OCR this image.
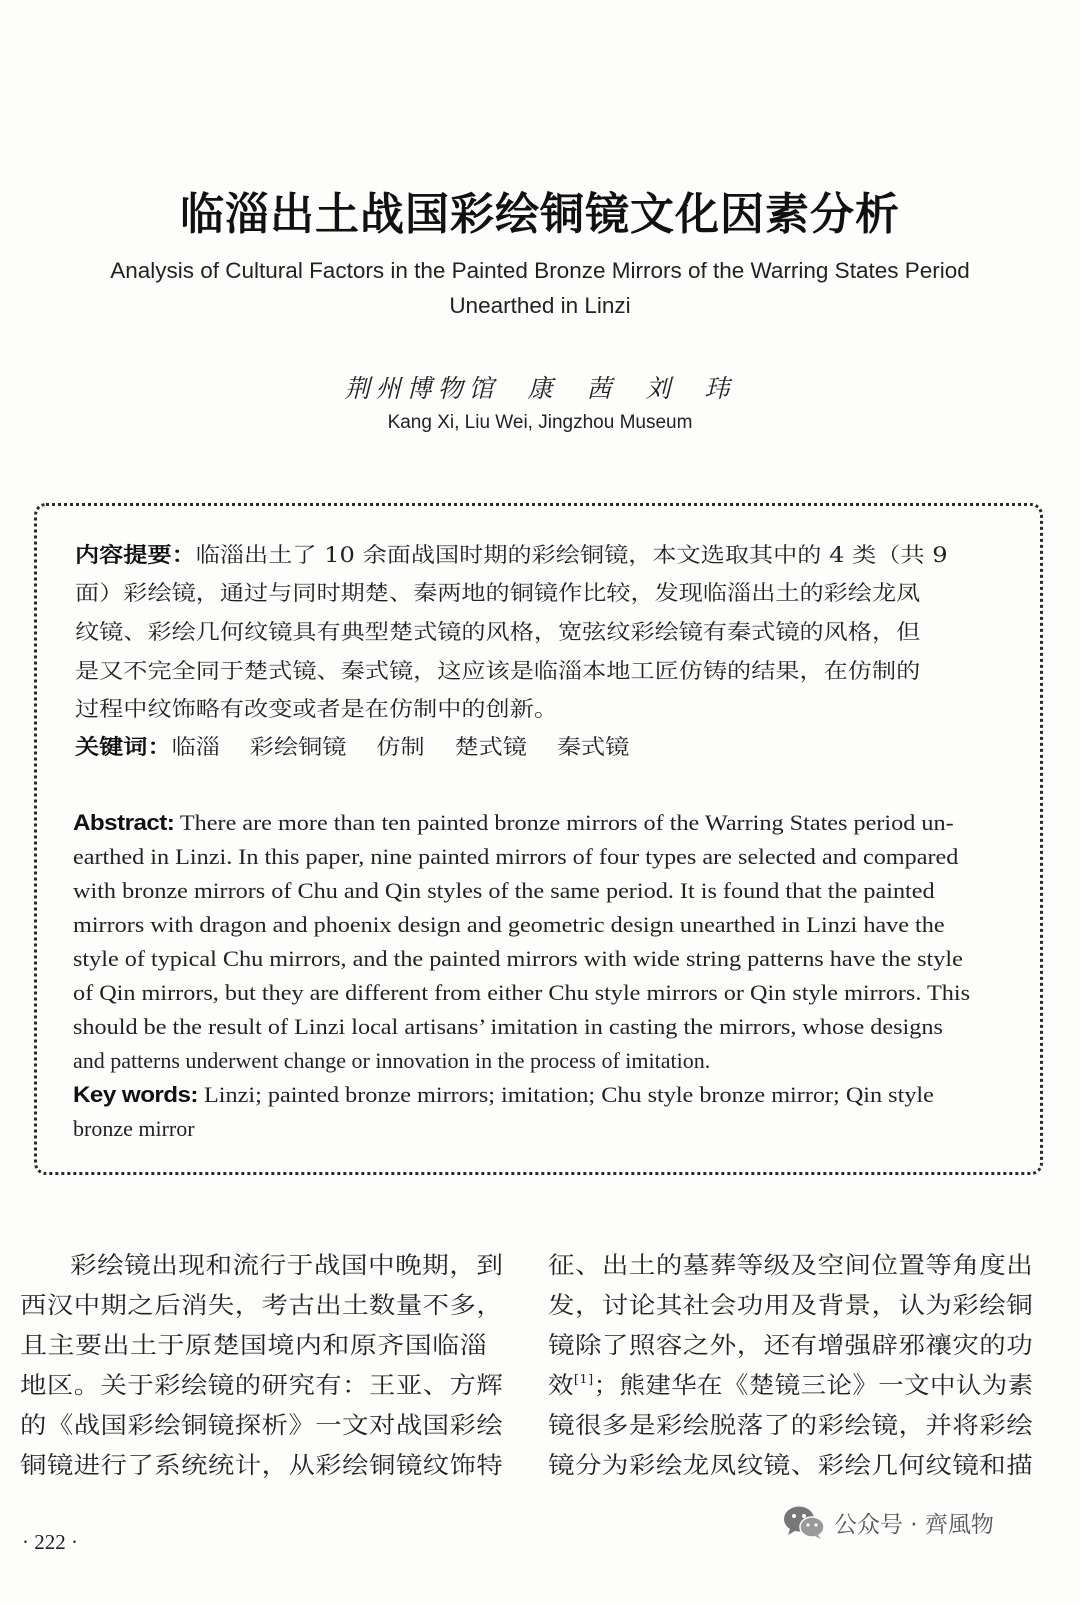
临淄出土战国彩绘铜镜文化因素分析
Analysis of Cultural Factors in the Painted Bronze Mirrors of the Warring States Period
Unearthed in Linzi
荆州博物馆 康 茜 刘 玮
Kang Xi, Liu Wei, Jingzhou Museum
内容提要：临淄出土了 10 余面战国时期的彩绘铜镜，本文选取其中的 4 类（共 9
面）彩绘镜，通过与同时期楚、秦两地的铜镜作比较，发现临淄出土的彩绘龙凤
纹镜、彩绘几何纹镜具有典型楚式镜的风格，宽弦纹彩绘镜有秦式镜的风格，但
是又不完全同于楚式镜、秦式镜，这应该是临淄本地工匠仿铸的结果，在仿制的
过程中纹饰略有改变或者是在仿制中的创新。
关键词：临淄 彩绘铜镜 仿制 楚式镜 秦式镜
Abstract: There are more than ten painted bronze mirrors of the Warring States period un-
earthed in Linzi. In this paper, nine painted mirrors of four types are selected and compared
with bronze mirrors of Chu and Qin styles of the same period. It is found that the painted
mirrors with dragon and phoenix design and geometric design unearthed in Linzi have the
style of typical Chu mirrors, and the painted mirrors with wide string patterns have the style
of Qin mirrors, but they are different from either Chu style mirrors or Qin style mirrors. This
should be the result of Linzi local artisans’ imitation in casting the mirrors, whose designs
and patterns underwent change or innovation in the process of imitation.
Key words: Linzi; painted bronze mirrors; imitation; Chu style bronze mirror; Qin style
bronze mirror
彩绘镜出现和流行于战国中晚期，到
西汉中期之后消失，考古出土数量不多，
且主要出土于原楚国境内和原齐国临淄
地区。关于彩绘镜的研究有：王亚、方辉
的《战国彩绘铜镜探析》一文对战国彩绘
铜镜进行了系统统计，从彩绘铜镜纹饰特
征、出土的墓葬等级及空间位置等角度出
发，讨论其社会功用及背景，认为彩绘铜
镜除了照容之外，还有增强辟邪禳灾的功
效[1]；熊建华在《楚镜三论》一文中认为素
镜很多是彩绘脱落了的彩绘镜，并将彩绘
镜分为彩绘龙凤纹镜、彩绘几何纹镜和描
· 222 ·
公众号 · 齊風物
